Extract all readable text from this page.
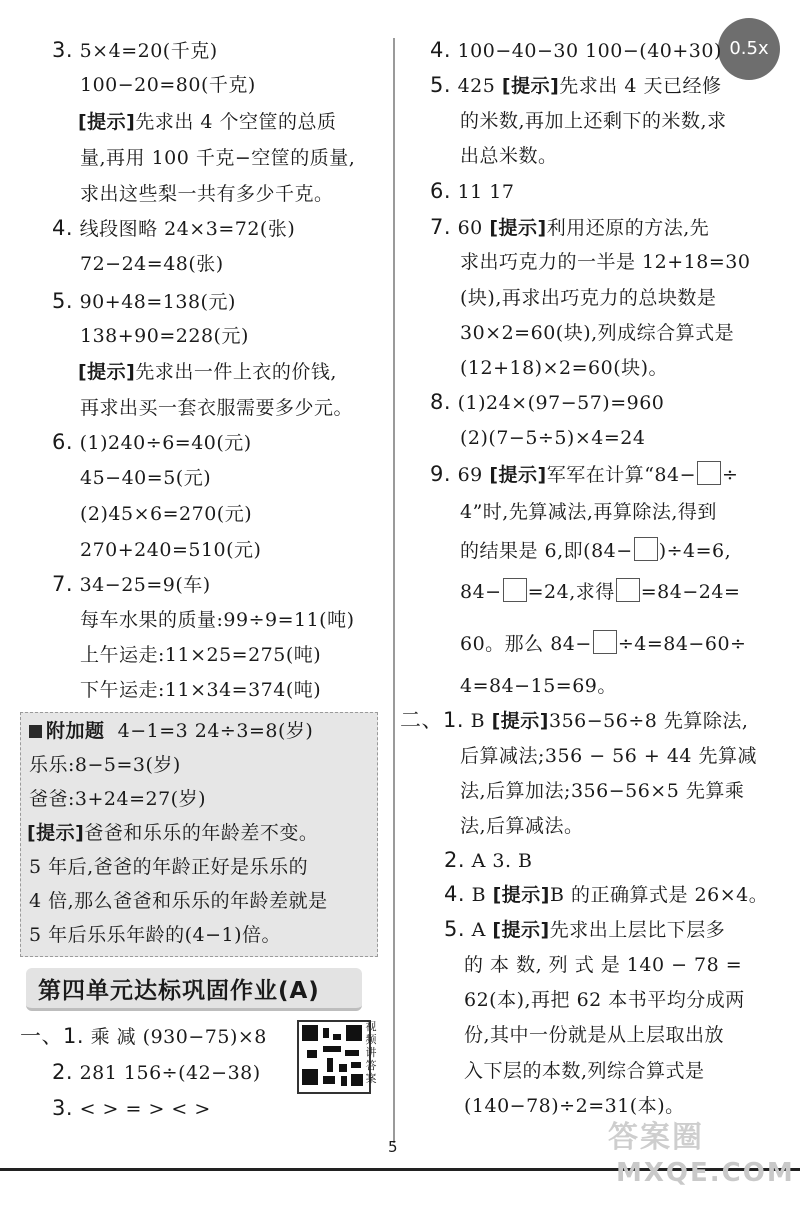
0.5x
3. 5×4=20(千克)
100−20=80(千克)
[提示]先求出 4 个空筐的总质
量,再用 100 千克−空筐的质量,
求出这些梨一共有多少千克。
4. 线段图略 24×3=72(张)
72−24=48(张)
5. 90+48=138(元)
138+90=228(元)
[提示]先求出一件上衣的价钱,
再求出买一套衣服需要多少元。
6. (1)240÷6=40(元)
45−40=5(元)
(2)45×6=270(元)
270+240=510(元)
7. 34−25=9(车)
每车水果的质量:99÷9=11(吨)
上午运走:11×25=275(吨)
下午运走:11×34=374(吨)
附加题 4−1=3 24÷3=8(岁)
乐乐:8−5=3(岁)
爸爸:3+24=27(岁)
[提示]爸爸和乐乐的年龄差不变。
5 年后,爸爸的年龄正好是乐乐的
4 倍,那么爸爸和乐乐的年龄差就是
5 年后乐乐年龄的(4−1)倍。
第四单元达标巩固作业(A)
一、1. 乘 减 (930−75)×8
2. 281 156÷(42−38)
3. < > = > < >
视频讲答案
4. 100−40−30 100−(40+30)
5. 425 [提示]先求出 4 天已经修
的米数,再加上还剩下的米数,求
出总米数。
6. 11 17
7. 60 [提示]利用还原的方法,先
求出巧克力的一半是 12+18=30
(块),再求出巧克力的总块数是
30×2=60(块),列成综合算式是
(12+18)×2=60(块)。
8. (1)24×(97−57)=960
(2)(7−5÷5)×4=24
9. 69 [提示]军军在计算“84− ÷
4”时,先算减法,再算除法,得到
的结果是 6,即(84− )÷4=6,
84− =24,求得 =84−24=
60。那么 84− ÷4=84−60÷
4=84−15=69。
二、1. B [提示]356−56÷8 先算除法,
后算减法;356 − 56 + 44 先算减
法,后算加法;356−56×5 先算乘
法,后算减法。
2. A 3. B
4. B [提示]B 的正确算式是 26×4。
5. A [提示]先求出上层比下层多
的 本 数, 列 式 是 140 − 78 =
62(本),再把 62 本书平均分成两
份,其中一份就是从上层取出放
入下层的本数,列综合算式是
(140−78)÷2=31(本)。
5	答案圈
MXQE.COM
